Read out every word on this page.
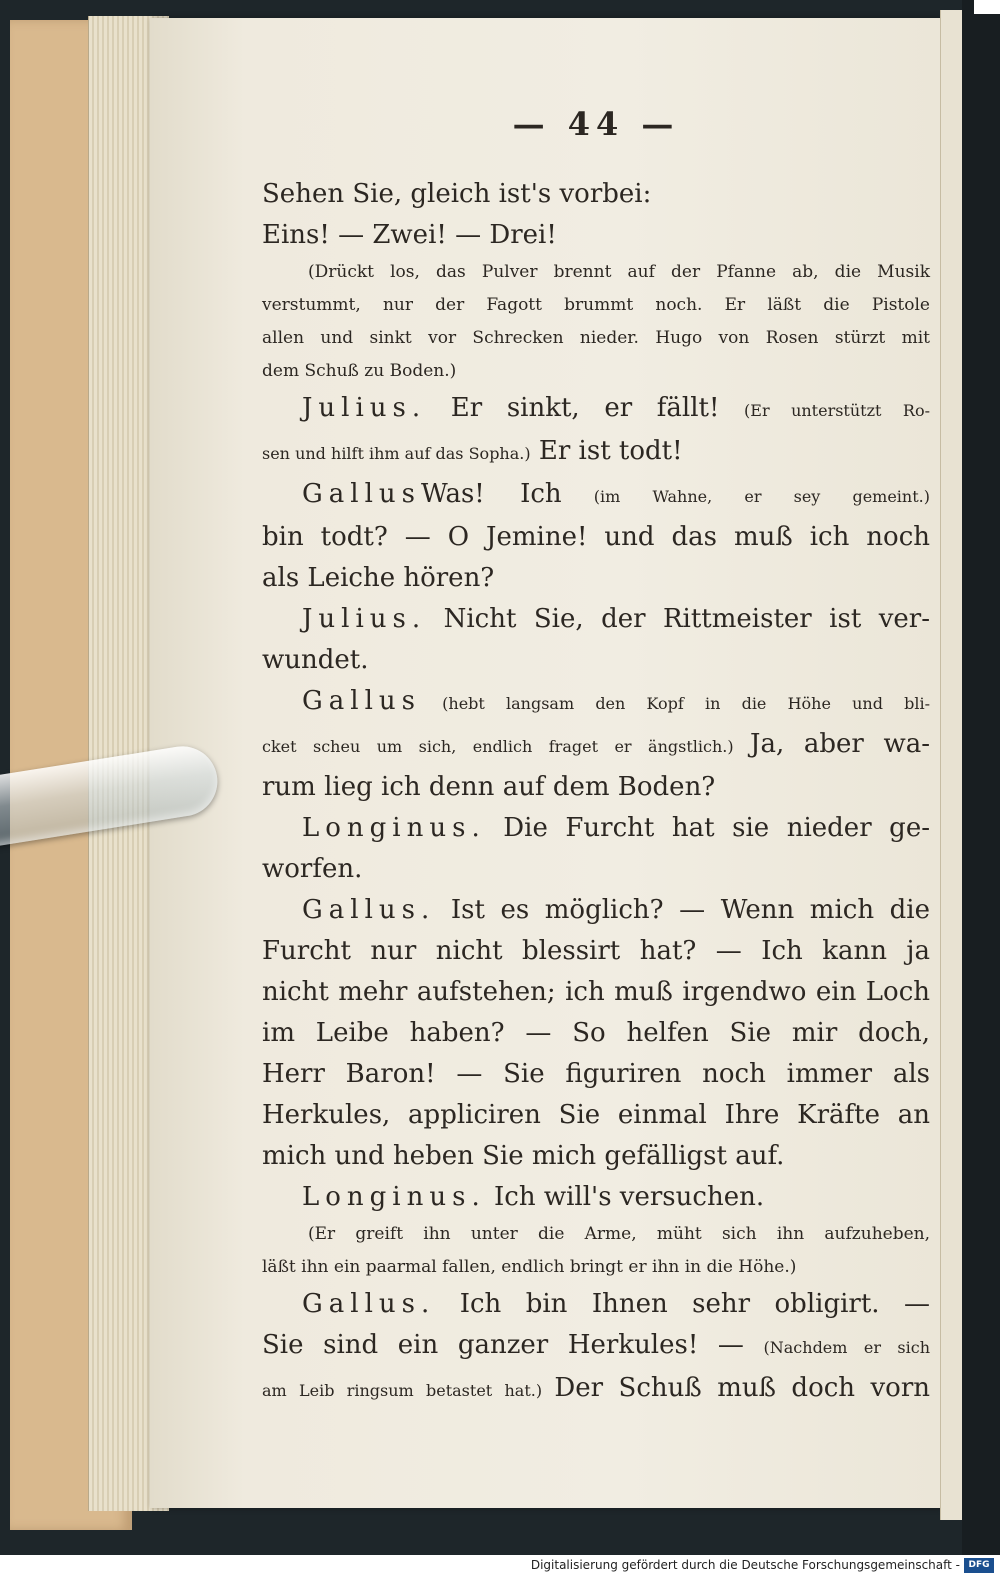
— 44 —
Sehen Sie, gleich ist's vorbei:
Eins! — Zwei! — Drei!
(Drückt los, das Pulver brennt auf der Pfanne ab, die Musik
verstummt, nur der Fagott brummt noch. Er läßt die Pistole
allen und sinkt vor Schrecken nieder. Hugo von Rosen stürzt mit
dem Schuß zu Boden.)
Julius. Er sinkt, er fällt! (Er unterstützt Ro-
sen und hilft ihm auf das Sopha.) Er ist todt!
GallusWas! Ich (im Wahne, er sey gemeint.)
bin todt? — O Jemine! und das muß ich noch
als Leiche hören?
Julius. Nicht Sie, der Rittmeister ist ver-
wundet.
Gallus (hebt langsam den Kopf in die Höhe und bli-
cket scheu um sich, endlich fraget er ängstlich.) Ja, aber wa-
rum lieg ich denn auf dem Boden?
Longinus. Die Furcht hat sie nieder ge-
worfen.
Gallus. Ist es möglich? — Wenn mich die
Furcht nur nicht blessirt hat? — Ich kann ja
nicht mehr aufstehen; ich muß irgendwo ein Loch
im Leibe haben? — So helfen Sie mir doch,
Herr Baron! — Sie figuriren noch immer als
Herkules, appliciren Sie einmal Ihre Kräfte an
mich und heben Sie mich gefälligst auf.
Longinus. Ich will's versuchen.
(Er greift ihn unter die Arme, müht sich ihn aufzuheben,
läßt ihn ein paarmal fallen, endlich bringt er ihn in die Höhe.)
Gallus. Ich bin Ihnen sehr obligirt. —
Sie sind ein ganzer Herkules! — (Nachdem er sich
am Leib ringsum betastet hat.) Der Schuß muß doch vorn
Digitalisierung gefördert durch die Deutsche Forschungsgemeinschaft - DFG
